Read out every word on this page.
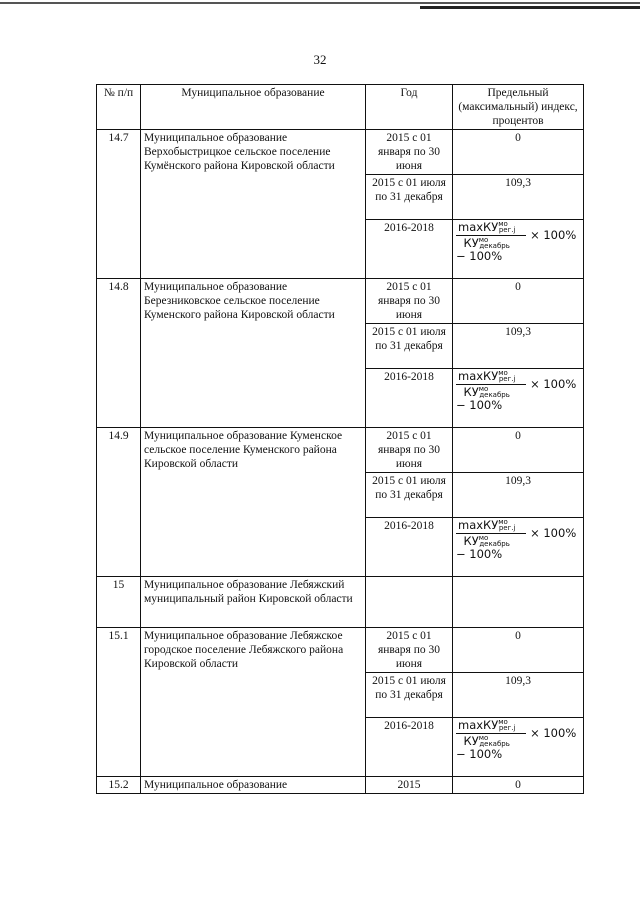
32
№ п/п	Муниципальное образование	Год	Предельный (максимальный) индекс, процентов
14.7	Муниципальное образование Верхобыстрицкое сельское поселение Кумёнского района Кировской области	2015 с 01 января по 30 июня	0
		2015 с 01 июля по 31 декабря	109,3
		2016-2018	$\frac{\max КУ^{мо}рег.j}{КУ^{мо}декабрь} \times 100\%$
− 100%
14.8	Муниципальное образование Березниковское сельское поселение Куменского района Кировской области	2015 с 01 января по 30 июня	0
		2015 с 01 июля по 31 декабря	109,3
		2016-2018	$\frac{\max КУ^{мо}рег.j}{КУ^{мо}декабрь} \times 100\%$
− 100%
14.9	Муниципальное образование Куменское сельское поселение Куменского района Кировской области	2015 с 01 января по 30 июня	0
		2015 с 01 июля по 31 декабря	109,3
		2016-2018	$\frac{\max КУ^{мо}рег.j}{КУ^{мо}декабрь} \times 100\%$
− 100%
15	Муниципальное образование Лебяжский муниципальный район Кировской области		
15.1	Муниципальное образование Лебяжское городское поселение Лебяжского района Кировской области	2015 с 01 января по 30 июня	0
		2015 с 01 июля по 31 декабря	109,3
		2016-2018	$\frac{\max КУ^{мо}рег.j}{КУ^{мо}декабрь} \times 100\%$
− 100%
15.2	Муниципальное образование	2015	0
